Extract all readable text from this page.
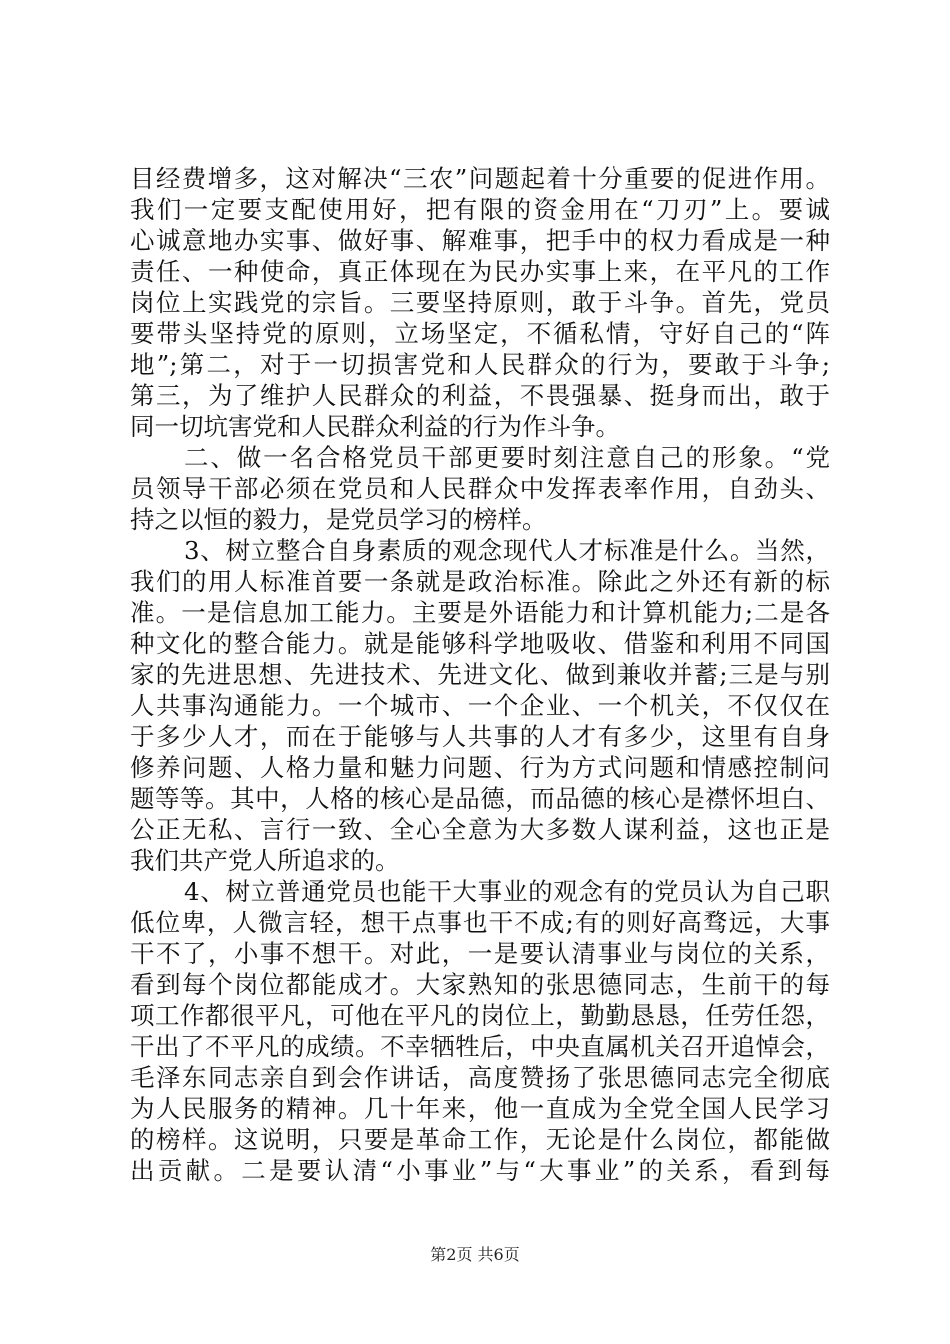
目经费增多，这对解决“三农”问题起着十分重要的促进作用。
我们一定要支配使用好，把有限的资金用在“刀刃”上。要诚
心诚意地办实事、做好事、解难事，把手中的权力看成是一种
责任、一种使命，真正体现在为民办实事上来，在平凡的工作
岗位上实践党的宗旨。三要坚持原则，敢于斗争。首先，党员
要带头坚持党的原则，立场坚定，不循私情，守好自己的“阵
地”;第二，对于一切损害党和人民群众的行为，要敢于斗争;
第三，为了维护人民群众的利益，不畏强暴、挺身而出，敢于
同一切坑害党和人民群众利益的行为作斗争。
二、做一名合格党员干部更要时刻注意自己的形象。“党
员领导干部必须在党员和人民群众中发挥表率作用，自劲头、
持之以恒的毅力，是党员学习的榜样。
3、树立整合自身素质的观念现代人才标准是什么。当然，
我们的用人标准首要一条就是政治标准。除此之外还有新的标
准。一是信息加工能力。主要是外语能力和计算机能力;二是各
种文化的整合能力。就是能够科学地吸收、借鉴和利用不同国
家的先进思想、先进技术、先进文化、做到兼收并蓄;三是与别
人共事沟通能力。一个城市、一个企业、一个机关，不仅仅在
于多少人才，而在于能够与人共事的人才有多少，这里有自身
修养问题、人格力量和魅力问题、行为方式问题和情感控制问
题等等。其中，人格的核心是品德，而品德的核心是襟怀坦白、
公正无私、言行一致、全心全意为大多数人谋利益，这也正是
我们共产党人所追求的。
4、树立普通党员也能干大事业的观念有的党员认为自己职
低位卑，人微言轻，想干点事也干不成;有的则好高骛远，大事
干不了，小事不想干。对此，一是要认清事业与岗位的关系，
看到每个岗位都能成才。大家熟知的张思德同志，生前干的每
项工作都很平凡，可他在平凡的岗位上，勤勤恳恳，任劳任怨，
干出了不平凡的成绩。不幸牺牲后，中央直属机关召开追悼会，
毛泽东同志亲自到会作讲话，高度赞扬了张思德同志完全彻底
为人民服务的精神。几十年来，他一直成为全党全国人民学习
的榜样。这说明，只要是革命工作，无论是什么岗位，都能做
出贡献。二是要认清“小事业”与“大事业”的关系，看到每
第2页 共6页
